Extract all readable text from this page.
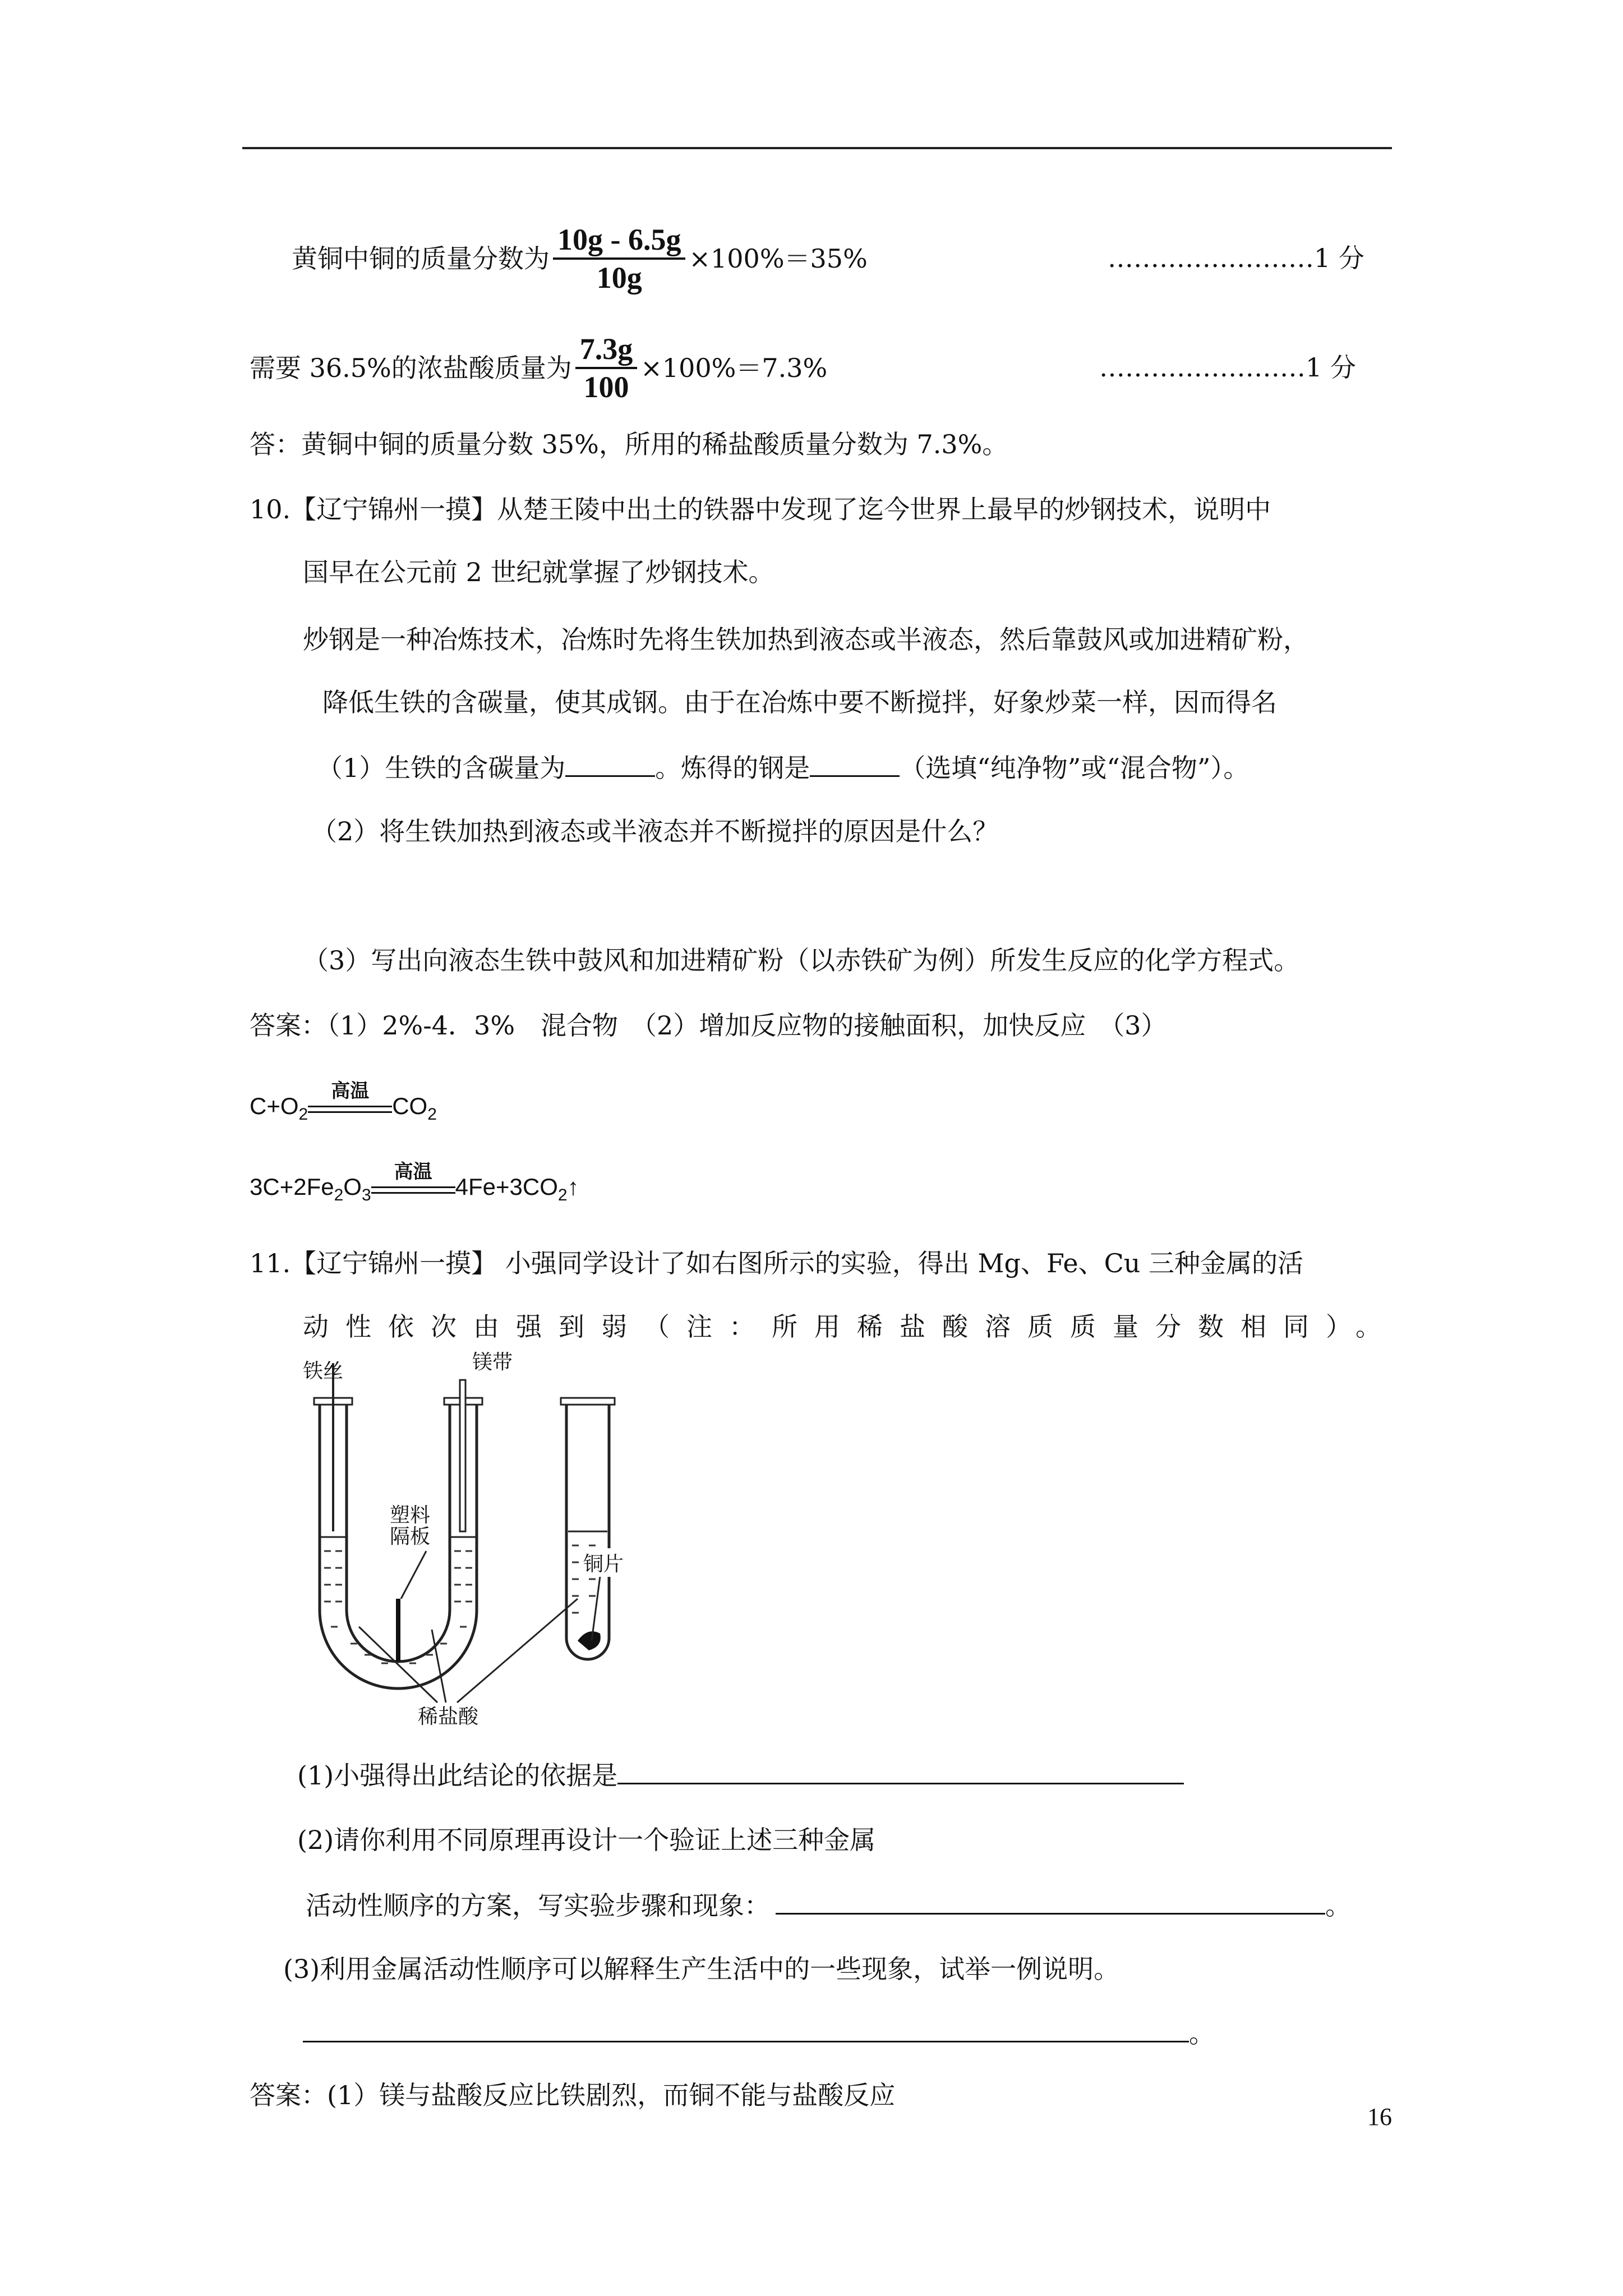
黄铜中铜的质量分数为 $\frac{10g - 6.5g}{10g} \times 100\%=35\%$	……………………1 分
需要 36.5%的浓盐酸质量为 $\frac{7.3g}{100} \times 100\%=7.3\%$	……………………1 分
答：黄铜中铜的质量分数 35%，所用的稀盐酸质量分数为 7.3%。
10.【辽宁锦州一摸】从楚王陵中出土的铁器中发现了迄今世界上最早的炒钢技术，说明中
国早在公元前 2 世纪就掌握了炒钢技术。
炒钢是一种冶炼技术，冶炼时先将生铁加热到液态或半液态，然后靠鼓风或加进精矿粉，
降低生铁的含碳量，使其成钢。由于在冶炼中要不断搅拌，好象炒菜一样，因而得名
（1）生铁的含碳量为	。炼得的钢是	（选填“纯净物”或“混合物”）。
（2）将生铁加热到液态或半液态并不断搅拌的原因是什么？
（3）写出向液态生铁中鼓风和加进精矿粉（以赤铁矿为例）所发生反应的化学方程式。
答案：（1）2%-4．3%　混合物　（2）增加反应物的接触面积，加快反应　（3）
$C+O_2$
高温
$CO_2$
$3C+2Fe_2O_3$
高温
$4Fe+3CO_2↑$
11.【辽宁锦州一摸】 小强同学设计了如右图所示的实验，得出 Mg、Fe、Cu 三种金属的活
动性依次由强到弱（注：所用稀盐酸溶质质量分数相同）。
铁丝	镁带
塑料
隔板
铜片
稀盐酸
(1)小强得出此结论的依据是
(2)请你利用不同原理再设计一个验证上述三种金属
活动性顺序的方案，写实验步骤和现象：	。
(3)利用金属活动性顺序可以解释生产生活中的一些现象，试举一例说明。
。
答案：(1）镁与盐酸反应比铁剧烈，而铜不能与盐酸反应
16
